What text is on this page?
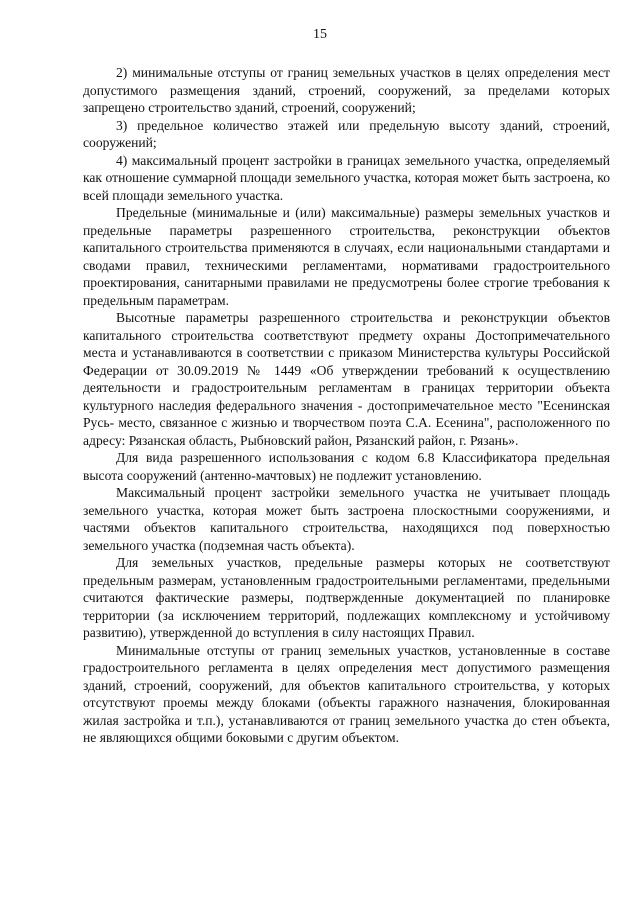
15

2) минимальные отступы от границ земельных участков в целях определения мест допустимого размещения зданий, строений, сооружений, за пределами которых запрещено строительство зданий, строений, сооружений;

3) предельное количество этажей или предельную высоту зданий, строений, сооружений;

4) максимальный процент застройки в границах земельного участка, определяемый как отношение суммарной площади земельного участка, которая может быть застроена, ко всей площади земельного участка.

Предельные (минимальные и (или) максимальные) размеры земельных участков и предельные параметры разрешенного строительства, реконструкции объектов капитального строительства применяются в случаях, если национальными стандартами и сводами правил, техническими регламентами, нормативами градостроительного проектирования, санитарными правилами не предусмотрены более строгие требования к предельным параметрам.

Высотные параметры разрешенного строительства и реконструкции объектов капитального строительства соответствуют предмету охраны Достопримечательного места и устанавливаются в соответствии с приказом Министерства культуры Российской Федерации от 30.09.2019 № 1449 «Об утверждении требований к осуществлению деятельности и градостроительным регламентам в границах территории объекта культурного наследия федерального значения - достопримечательное место "Есенинская Русь- место, связанное с жизнью и творчеством поэта С.А. Есенина", расположенного по адресу: Рязанская область, Рыбновский район, Рязанский район, г. Рязань».

Для вида разрешенного использования с кодом 6.8 Классификатора предельная высота сооружений (антенно-мачтовых) не подлежит установлению.

Максимальный процент застройки земельного участка не учитывает площадь земельного участка, которая может быть застроена плоскостными сооружениями, и частями объектов капитального строительства, находящихся под поверхностью земельного участка (подземная часть объекта).

Для земельных участков, предельные размеры которых не соответствуют предельным размерам, установленным градостроительными регламентами, предельными считаются фактические размеры, подтвержденные документацией по планировке территории (за исключением территорий, подлежащих комплексному и устойчивому развитию), утвержденной до вступления в силу настоящих Правил.

Минимальные отступы от границ земельных участков, установленные в составе градостроительного регламента в целях определения мест допустимого размещения зданий, строений, сооружений, для объектов капитального строительства, у которых отсутствуют проемы между блоками (объекты гаражного назначения, блокированная жилая застройка и т.п.), устанавливаются от границ земельного участка до стен объекта, не являющихся общими боковыми с другим объектом.
